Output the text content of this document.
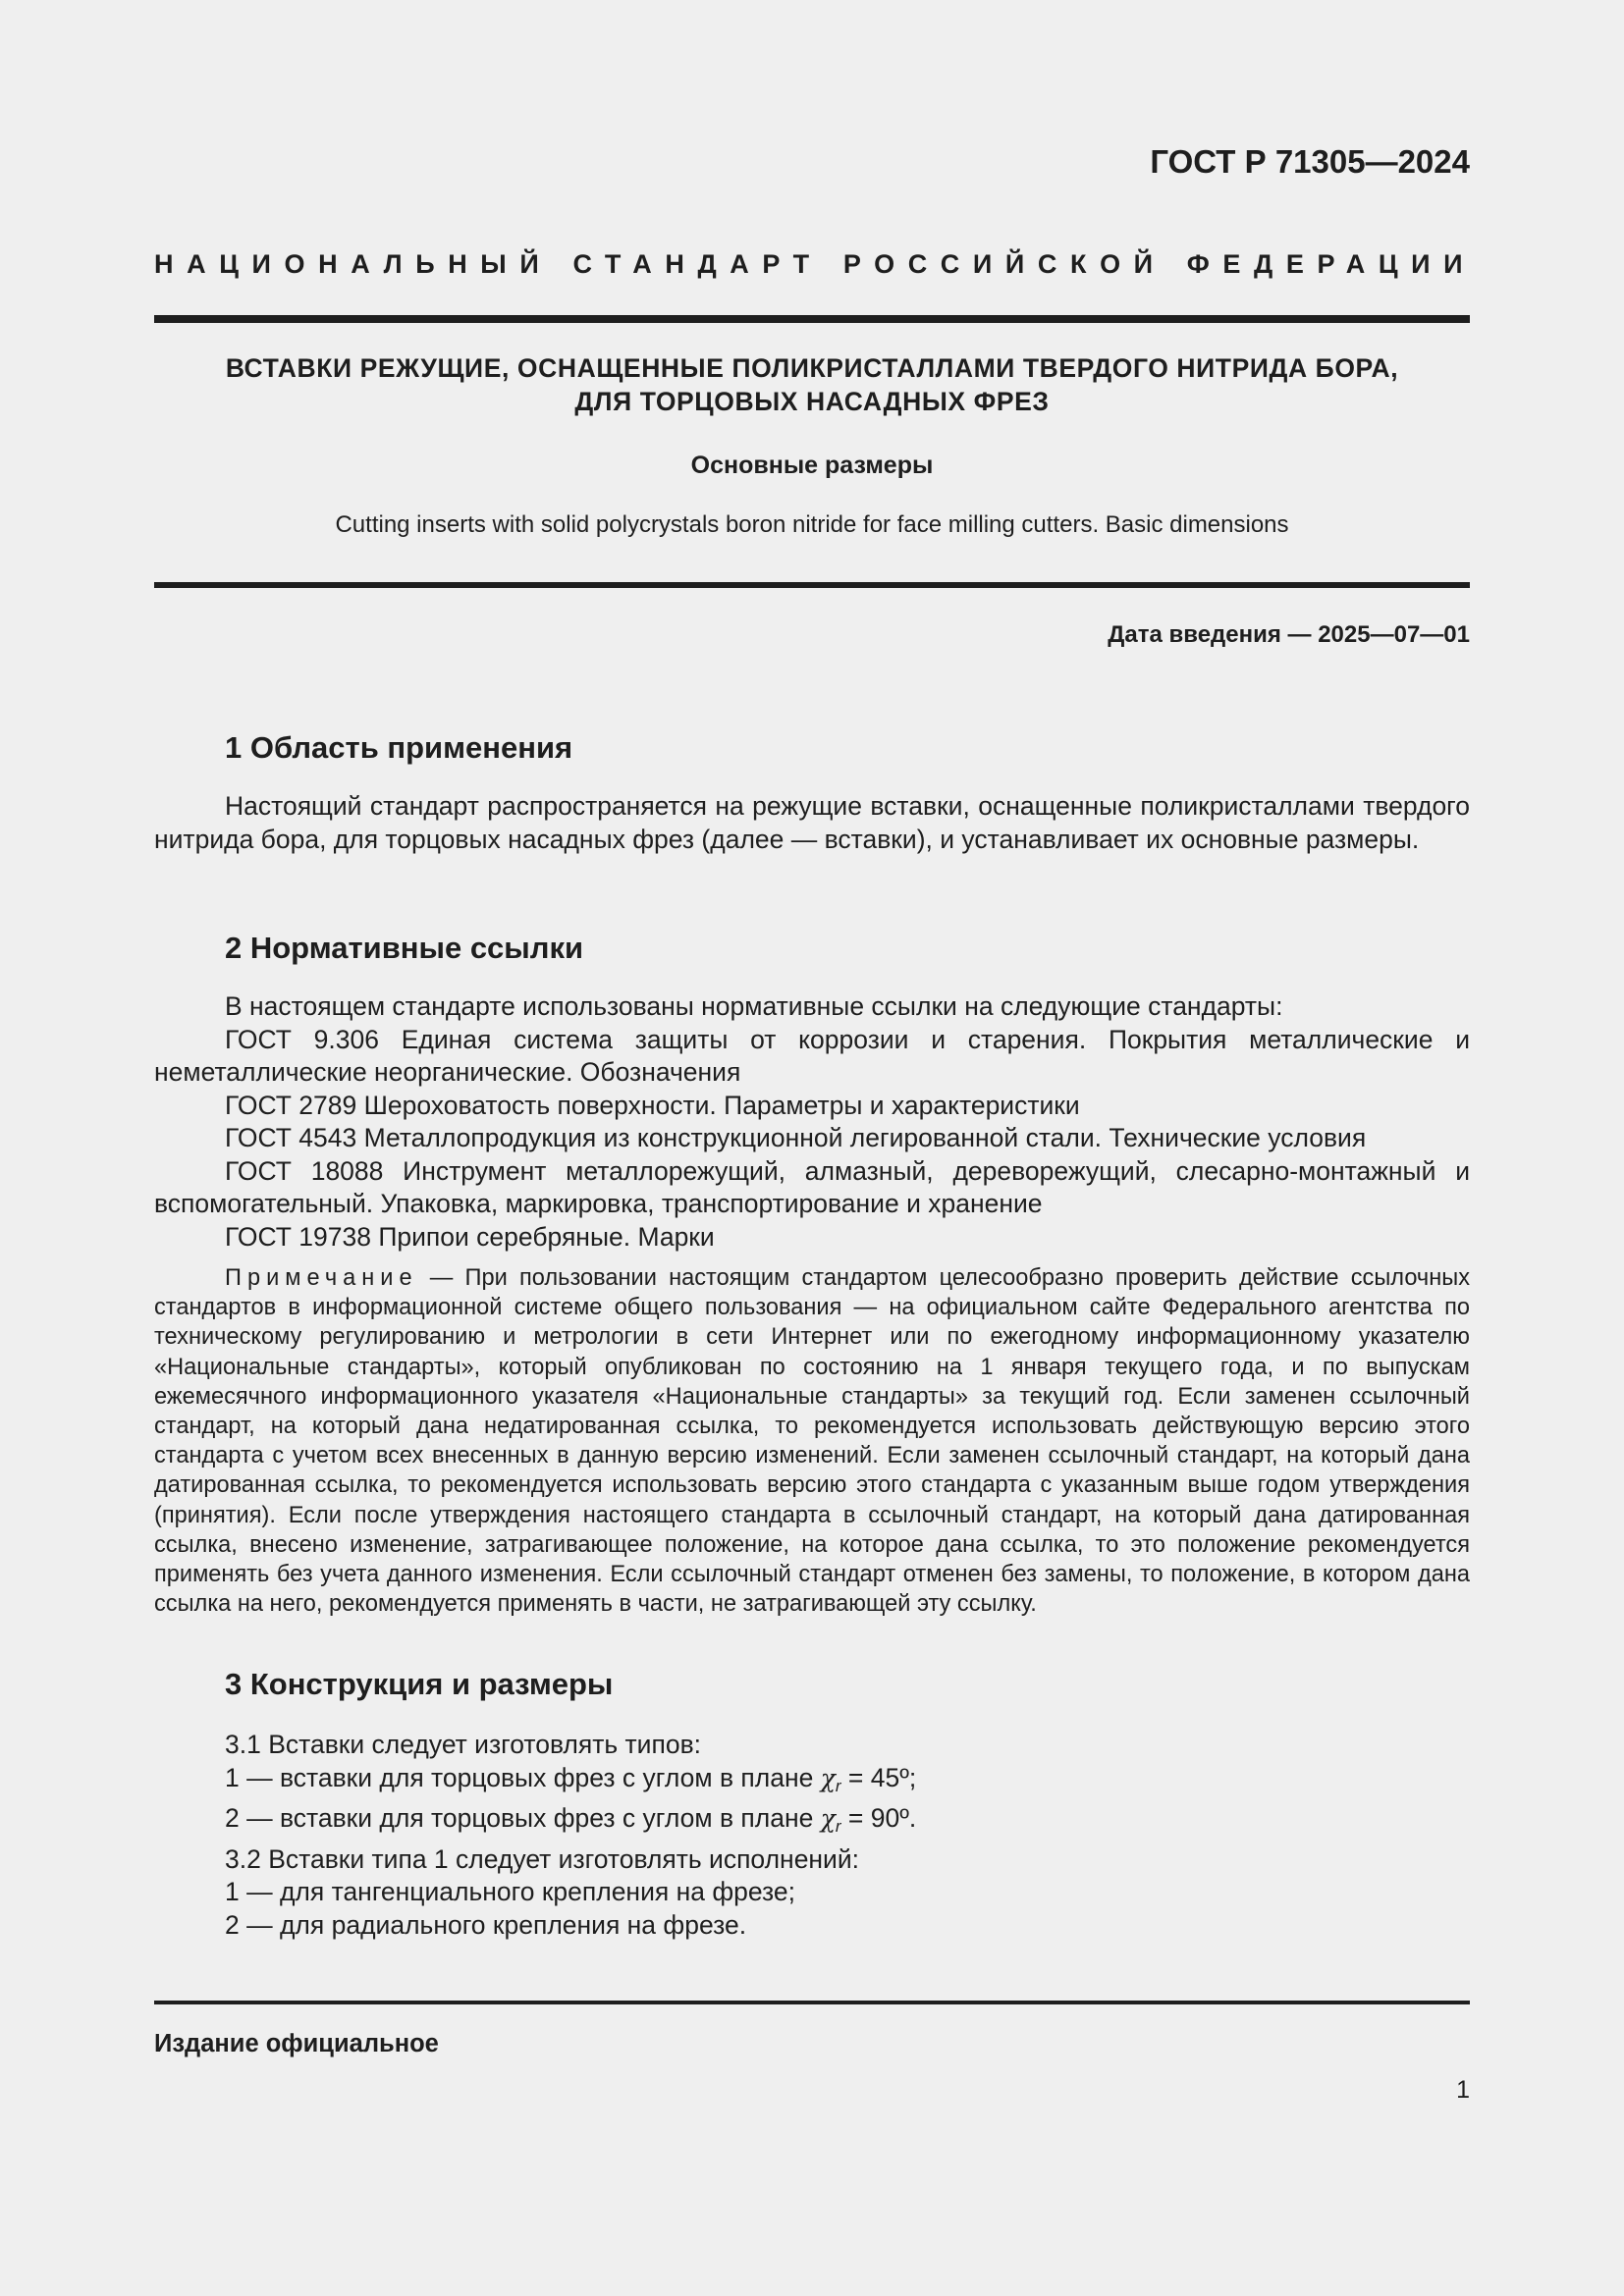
ГОСТ Р 71305—2024
НАЦИОНАЛЬНЫЙ СТАНДАРТ РОССИЙСКОЙ ФЕДЕРАЦИИ
ВСТАВКИ РЕЖУЩИЕ, ОСНАЩЕННЫЕ ПОЛИКРИСТАЛЛАМИ ТВЕРДОГО НИТРИДА БОРА,
ДЛЯ ТОРЦОВЫХ НАСАДНЫХ ФРЕЗ
Основные размеры
Cutting inserts with solid polycrystals boron nitride for face milling cutters. Basic dimensions
Дата введения — 2025—07—01
1 Область применения

Настоящий стандарт распространяется на режущие вставки, оснащенные поликристаллами твердого нитрида бора, для торцовых насадных фрез (далее — вставки), и устанавливает их основные размеры.

2 Нормативные ссылки
В настоящем стандарте использованы нормативные ссылки на следующие стандарты:
ГОСТ 9.306 Единая система защиты от коррозии и старения. Покрытия металлические и неметаллические неорганические. Обозначения
ГОСТ 2789 Шероховатость поверхности. Параметры и характеристики
ГОСТ 4543 Металлопродукция из конструкционной легированной стали. Технические условия
ГОСТ 18088 Инструмент металлорежущий, алмазный, дереворежущий, слесарно-монтажный и вспомогательный. Упаковка, маркировка, транспортирование и хранение
ГОСТ 19738 Припои серебряные. Марки

Примечание — При пользовании настоящим стандартом целесообразно проверить действие ссылочных стандартов в информационной системе общего пользования — на официальном сайте Федерального агентства по техническому регулированию и метрологии в сети Интернет или по ежегодному информационному указателю «Национальные стандарты», который опубликован по состоянию на 1 января текущего года, и по выпускам ежемесячного информационного указателя «Национальные стандарты» за текущий год. Если заменен ссылочный стандарт, на который дана недатированная ссылка, то рекомендуется использовать действующую версию этого стандарта с учетом всех внесенных в данную версию изменений. Если заменен ссылочный стандарт, на который дана датированная ссылка, то рекомендуется использовать версию этого стандарта с указанным выше годом утверждения (принятия). Если после утверждения настоящего стандарта в ссылочный стандарт, на который дана датированная ссылка, внесено изменение, затрагивающее положение, на которое дана ссылка, то это положение рекомендуется применять без учета данного изменения. Если ссылочный стандарт отменен без замены, то положение, в котором дана ссылка на него, рекомендуется применять в части, не затрагивающей эту ссылку.

3 Конструкция и размеры
3.1 Вставки следует изготовлять типов:
1 — вставки для торцовых фрез с углом в плане $\chi_r$ = 45º;
2 — вставки для торцовых фрез с углом в плане $\chi_r$ = 90º.
3.2 Вставки типа 1 следует изготовлять исполнений:
1 — для тангенциального крепления на фрезе;
2 — для радиального крепления на фрезе.
Издание официальное
1
